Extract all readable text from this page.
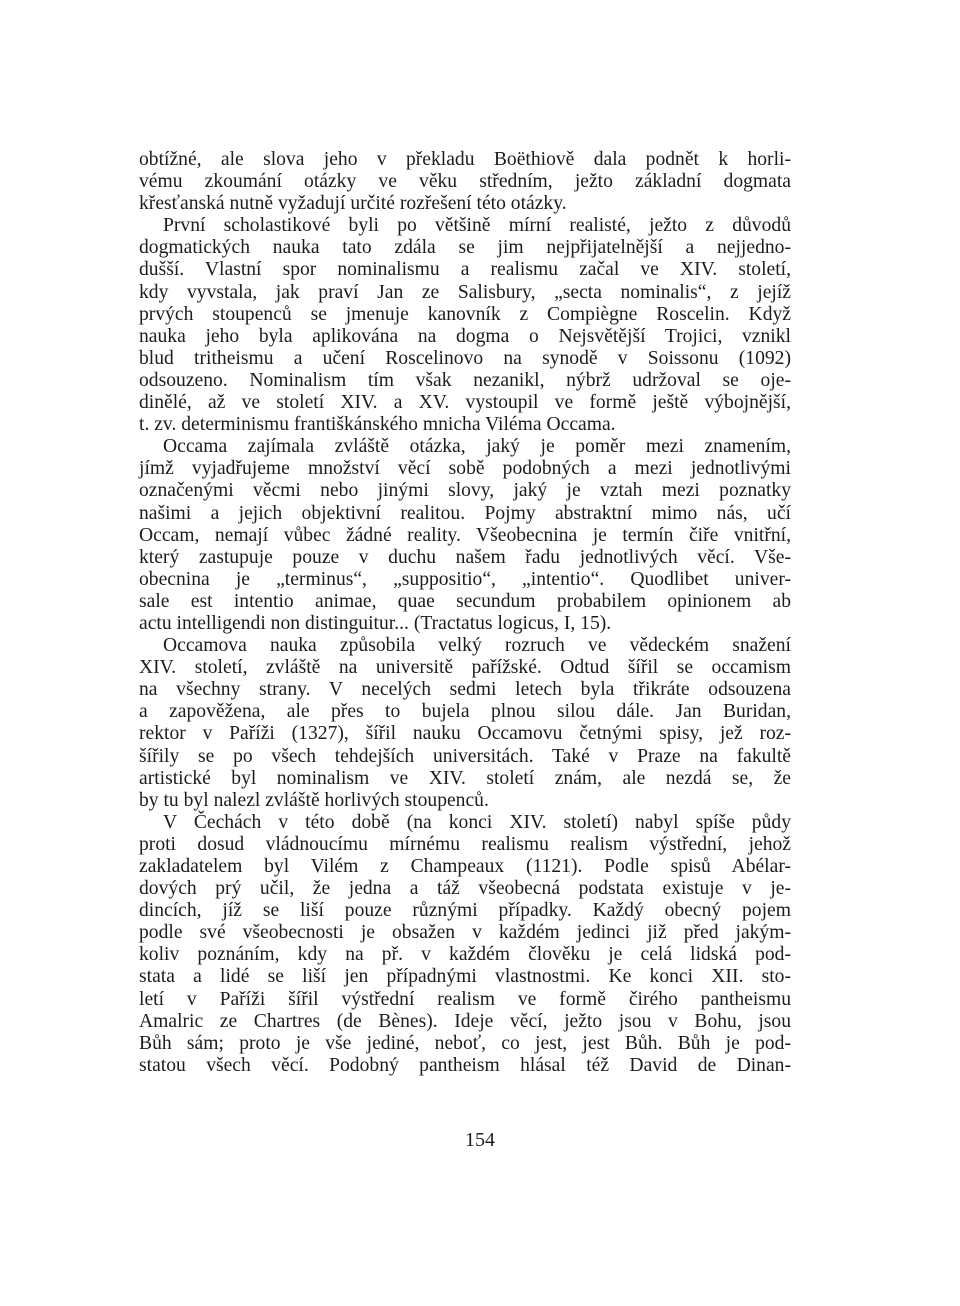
obtížné, ale slova jeho v překladu Boëthiově dala podnět k horli-
vému zkoumání otázky ve věku středním, ježto základní dogmata
křesťanská nutně vyžadují určité rozřešení této otázky.
První scholastikové byli po většině mírní realisté, ježto z důvodů
dogmatických nauka tato zdála se jim nejpřijatelnější a nejjedno-
dušší. Vlastní spor nominalismu a realismu začal ve XIV. století,
kdy vyvstala, jak praví Jan ze Salisbury, „secta nominalis“, z jejíž
prvých stoupenců se jmenuje kanovník z Compiègne Roscelin. Když
nauka jeho byla aplikována na dogma o Nejsvětější Trojici, vznikl
blud tritheismu a učení Roscelinovo na synodě v Soissonu (1092)
odsouzeno. Nominalism tím však nezanikl, nýbrž udržoval se oje-
dinělé, až ve století XIV. a XV. vystoupil ve formě ještě výbojnější,
t. zv. determinismu františkánského mnicha Viléma Occama.
Occama zajímala zvláště otázka, jaký je poměr mezi znamením,
jímž vyjadřujeme množství věcí sobě podobných a mezi jednotlivými
označenými věcmi nebo jinými slovy, jaký je vztah mezi poznatky
našimi a jejich objektivní realitou. Pojmy abstraktní mimo nás, učí
Occam, nemají vůbec žádné reality. Všeobecnina je termín čiře vnitřní,
který zastupuje pouze v duchu našem řadu jednotlivých věcí. Vše-
obecnina je „terminus“, „suppositio“, „intentio“. Quodlibet univer-
sale est intentio animae, quae secundum probabilem opinionem ab
actu intelligendi non distinguitur... (Tractatus logicus, I, 15).
Occamova nauka způsobila velký rozruch ve vědeckém snažení
XIV. století, zvláště na universitě pařížské. Odtud šířil se occamism
na všechny strany. V necelých sedmi letech byla třikráte odsouzena
a zapověžena, ale přes to bujela plnou silou dále. Jan Buridan,
rektor v Paříži (1327), šířil nauku Occamovu četnými spisy, jež roz-
šířily se po všech tehdejších universitách. Také v Praze na fakultě
artistické byl nominalism ve XIV. století znám, ale nezdá se, že
by tu byl nalezl zvláště horlivých stoupenců.
V Čechách v této době (na konci XIV. století) nabyl spíše půdy
proti dosud vládnoucímu mírnému realismu realism výstřední, jehož
zakladatelem byl Vilém z Champeaux (1121). Podle spisů Abélar-
dových prý učil, že jedna a táž všeobecná podstata existuje v je-
dincích, jíž se liší pouze různými případky. Každý obecný pojem
podle své všeobecnosti je obsažen v každém jedinci již před jakým-
koliv poznáním, kdy na př. v každém člověku je celá lidská pod-
stata a lidé se liší jen případnými vlastnostmi. Ke konci XII. sto-
letí v Paříži šířil výstřední realism ve formě čirého pantheismu
Amalric ze Chartres (de Bènes). Ideje věcí, ježto jsou v Bohu, jsou
Bůh sám; proto je vše jediné, neboť, co jest, jest Bůh. Bůh je pod-
statou všech věcí. Podobný pantheism hlásal též David de Dinan-
154
